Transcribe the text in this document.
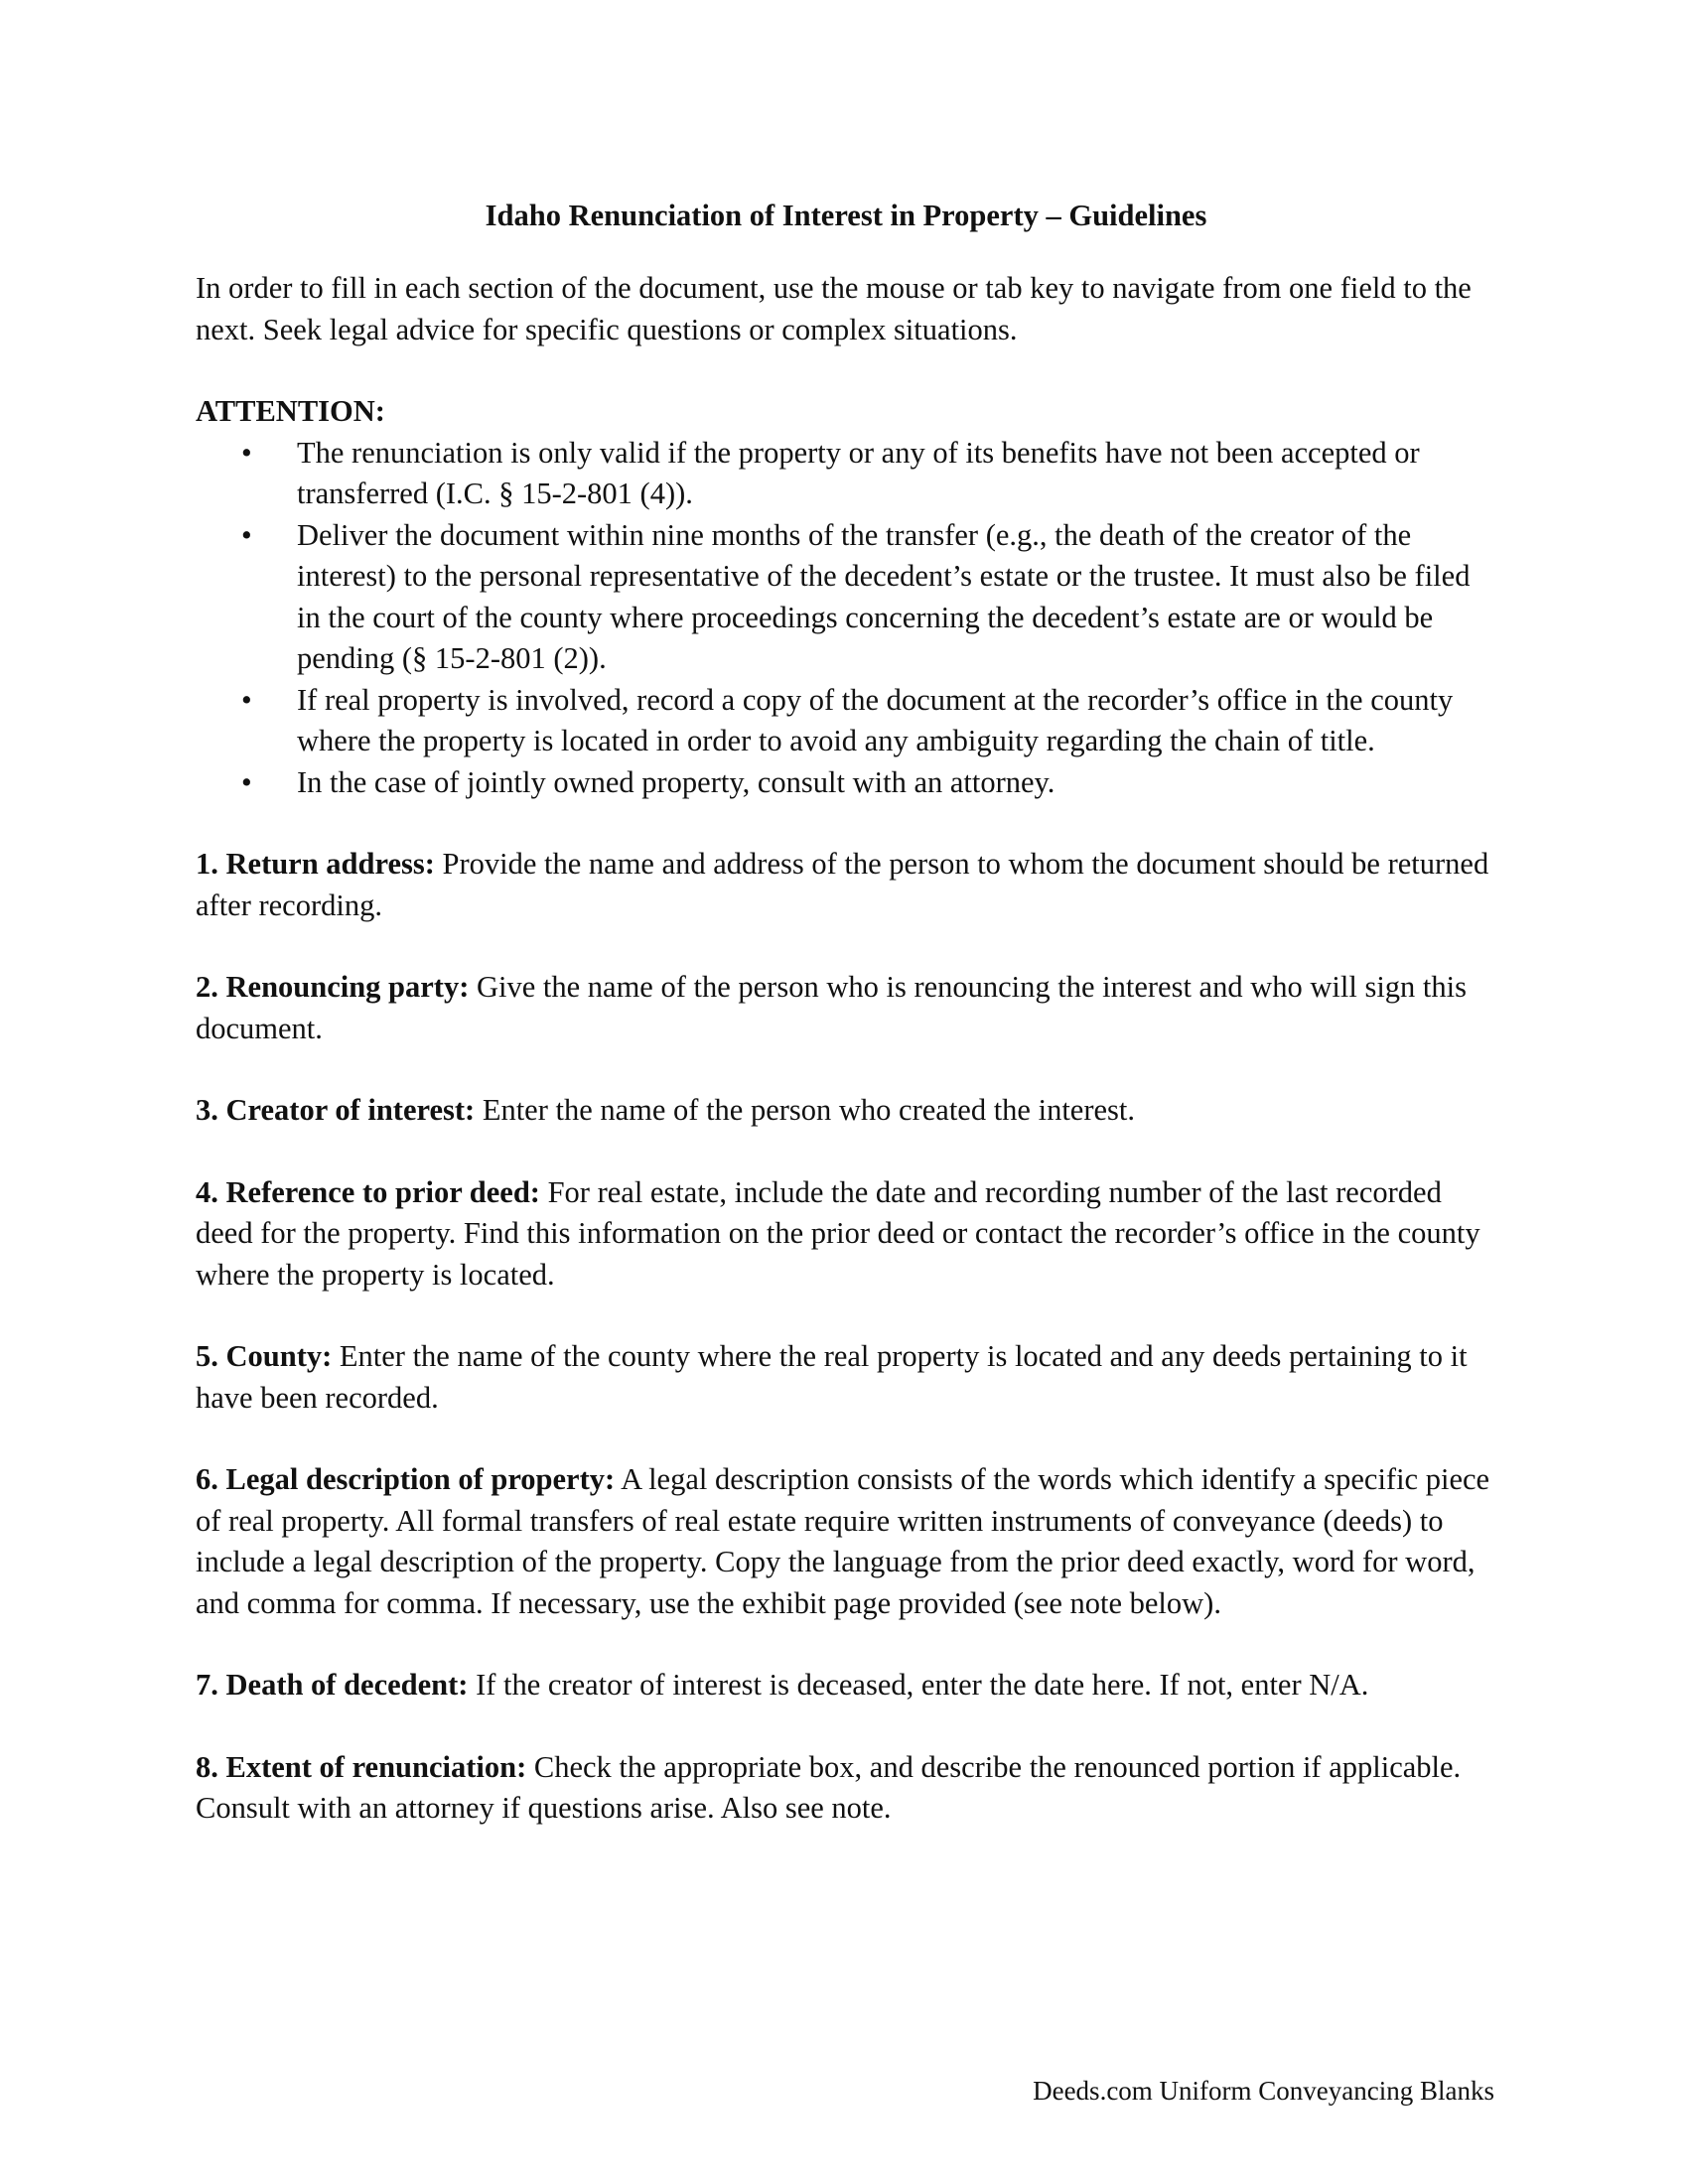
Idaho Renunciation of Interest in Property – Guidelines
In order to fill in each section of the document, use the mouse or tab key to navigate from one field to the next. Seek legal advice for specific questions or complex situations.
ATTENTION:
• The renunciation is only valid if the property or any of its benefits have not been accepted or transferred (I.C. § 15-2-801 (4)).
• Deliver the document within nine months of the transfer (e.g., the death of the creator of the interest) to the personal representative of the decedent’s estate or the trustee. It must also be filed in the court of the county where proceedings concerning the decedent’s estate are or would be pending (§ 15-2-801 (2)).
• If real property is involved, record a copy of the document at the recorder’s office in the county where the property is located in order to avoid any ambiguity regarding the chain of title.
• In the case of jointly owned property, consult with an attorney.
1. Return address: Provide the name and address of the person to whom the document should be returned after recording.
2. Renouncing party: Give the name of the person who is renouncing the interest and who will sign this document.
3. Creator of interest: Enter the name of the person who created the interest.
4. Reference to prior deed: For real estate, include the date and recording number of the last recorded deed for the property. Find this information on the prior deed or contact the recorder’s office in the county where the property is located.
5. County: Enter the name of the county where the real property is located and any deeds pertaining to it have been recorded.
6. Legal description of property: A legal description consists of the words which identify a specific piece of real property. All formal transfers of real estate require written instruments of conveyance (deeds) to include a legal description of the property. Copy the language from the prior deed exactly, word for word, and comma for comma. If necessary, use the exhibit page provided (see note below).
7. Death of decedent: If the creator of interest is deceased, enter the date here. If not, enter N/A.
8. Extent of renunciation: Check the appropriate box, and describe the renounced portion if applicable. Consult with an attorney if questions arise. Also see note.
Deeds.com Uniform Conveyancing Blanks
